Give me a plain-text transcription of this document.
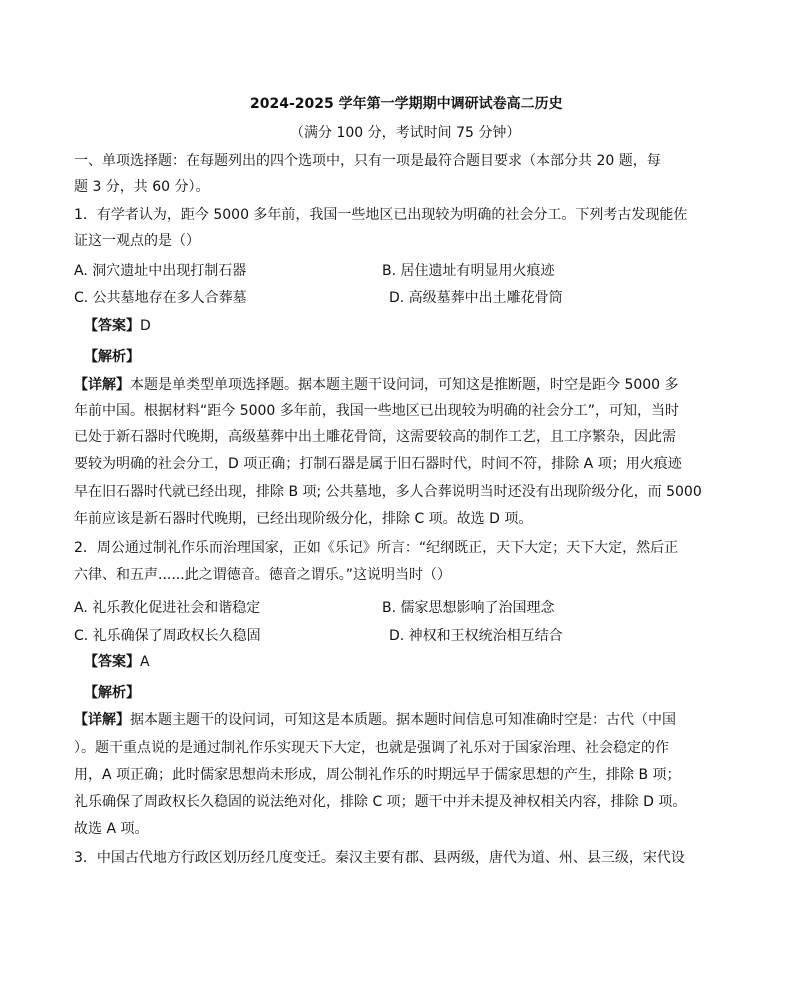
2024-2025 学年第一学期期中调研试卷高二历史
（满分 100 分，考试时间 75 分钟）
一、单项选择题：在每题列出的四个选项中，只有一项是最符合题目要求（本部分共 20 题，每
题 3 分，共 60 分）。
1．有学者认为，距今 5000 多年前，我国一些地区已出现较为明确的社会分工。下列考古发现能佐
证这一观点的是（）
A. 洞穴遗址中出现打制石器	B. 居住遗址有明显用火痕迹
C. 公共墓地存在多人合葬墓	D. 高级墓葬中出土雕花骨筒
【答案】D
【解析】
【详解】本题是单类型单项选择题。据本题主题干设问词，可知这是推断题，时空是距今 5000 多
年前中国。根据材料“距今 5000 多年前，我国一些地区已出现较为明确的社会分工”，可知，当时
已处于新石器时代晚期，高级墓葬中出土雕花骨筒，这需要较高的制作工艺，且工序繁杂，因此需
要较为明确的社会分工，D 项正确；打制石器是属于旧石器时代，时间不符，排除 A 项；用火痕迹
早在旧石器时代就已经出现，排除 B 项; 公共墓地，多人合葬说明当时还没有出现阶级分化，而 5000
年前应该是新石器时代晚期，已经出现阶级分化，排除 C 项。故选 D 项。
2．周公通过制礼作乐而治理国家，正如《乐记》所言：“纪纲既正，天下大定；天下大定，然后正
六律、和五声......此之谓德音。德音之谓乐。”这说明当时（）
A. 礼乐教化促进社会和谐稳定	B. 儒家思想影响了治国理念
C. 礼乐确保了周政权长久稳固	D. 神权和王权统治相互结合
【答案】A
【解析】
【详解】据本题主题干的设问词，可知这是本质题。据本题时间信息可知准确时空是：古代（中国
）。题干重点说的是通过制礼作乐实现天下大定，也就是强调了礼乐对于国家治理、社会稳定的作
用，A 项正确；此时儒家思想尚未形成，周公制礼作乐的时期远早于儒家思想的产生，排除 B 项；
礼乐确保了周政权长久稳固的说法绝对化，排除 C 项；题干中并未提及神权相关内容，排除 D 项。
故选 A 项。
3．中国古代地方行政区划历经几度变迁。秦汉主要有郡、县两级，唐代为道、州、县三级，宋代设
